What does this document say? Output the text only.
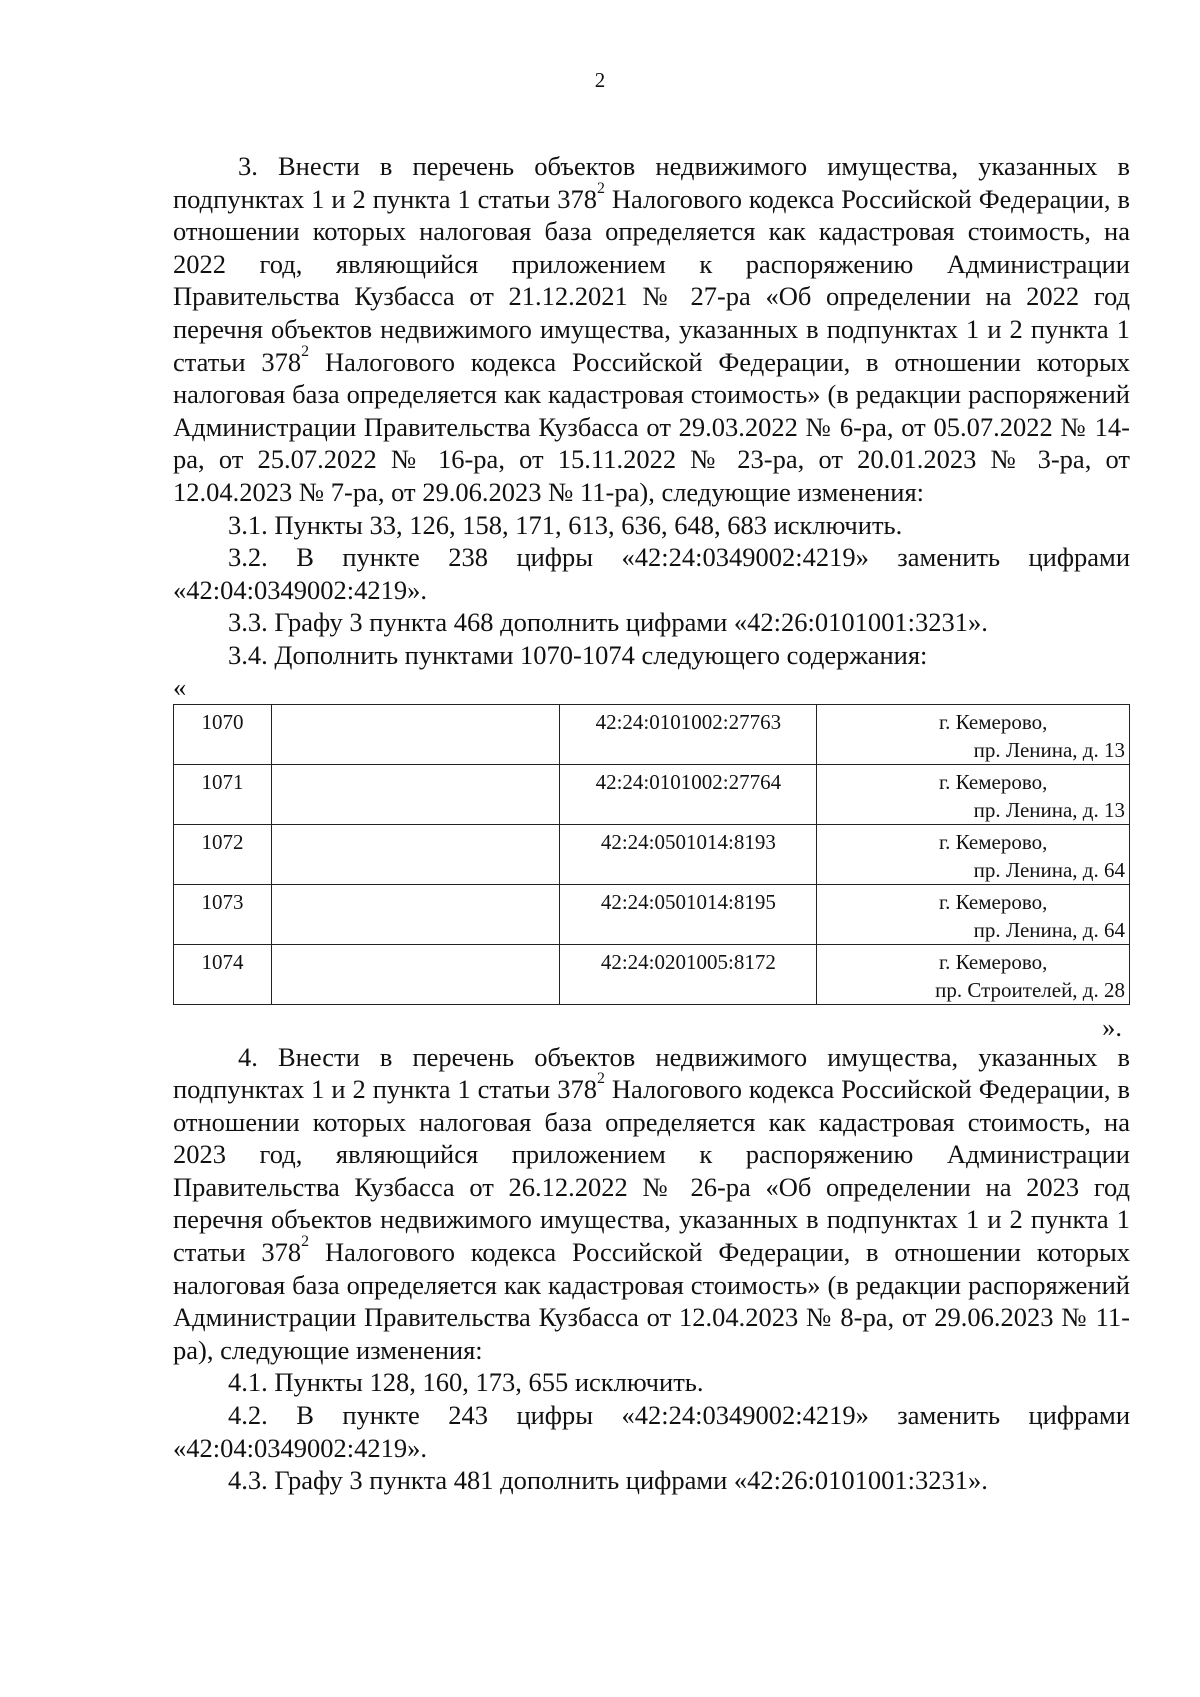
2

3. Внести в перечень объектов недвижимого имущества, указанных в подпунктах 1 и 2 пункта 1 статьи $378^2$ Налогового кодекса Российской Федерации, в отношении которых налоговая база определяется как кадастровая стоимость, на 2022 год, являющийся приложением к распоряжению Администрации Правительства Кузбасса от 21.12.2021 № 27-ра «Об определении на 2022 год перечня объектов недвижимого имущества, указанных в подпунктах 1 и 2 пункта 1 статьи $378^2$ Налогового кодекса Российской Федерации, в отношении которых налоговая база определяется как кадастровая стоимость» (в редакции распоряжений Администрации Правительства Кузбасса от 29.03.2022 № 6-ра, от 05.07.2022 № 14-ра, от 25.07.2022 № 16-ра, от 15.11.2022 № 23-ра, от 20.01.2023 № 3-ра, от 12.04.2023 № 7-ра, от 29.06.2023 № 11-ра), следующие изменения:

3.1. Пункты 33, 126, 158, 171, 613, 636, 648, 683 исключить.

3.2. В пункте 238 цифры «42:24:0349002:4219» заменить цифрами «42:04:0349002:4219».

3.3. Графу 3 пункта 468 дополнить цифрами «42:26:0101001:3231».

3.4. Дополнить пунктами 1070-1074 следующего содержания:

«

1070		42:24:0101002:27763	г. Кемерово,
пр. Ленина, д. 13

1071		42:24:0101002:27764	г. Кемерово,
пр. Ленина, д. 13

1072		42:24:0501014:8193	г. Кемерово,
пр. Ленина, д. 64

1073		42:24:0501014:8195	г. Кемерово,
пр. Ленина, д. 64

1074		42:24:0201005:8172	г. Кемерово,
пр. Строителей, д. 28

».

4. Внести в перечень объектов недвижимого имущества, указанных в подпунктах 1 и 2 пункта 1 статьи $378^2$ Налогового кодекса Российской Федерации, в отношении которых налоговая база определяется как кадастровая стоимость, на 2023 год, являющийся приложением к распоряжению Администрации Правительства Кузбасса от 26.12.2022 № 26-ра «Об определении на 2023 год перечня объектов недвижимого имущества, указанных в подпунктах 1 и 2 пункта 1 статьи $378^2$ Налогового кодекса Российской Федерации, в отношении которых налоговая база определяется как кадастровая стоимость» (в редакции распоряжений Администрации Правительства Кузбасса от 12.04.2023 № 8-ра, от 29.06.2023 № 11-ра), следующие изменения:

4.1. Пункты 128, 160, 173, 655 исключить.

4.2. В пункте 243 цифры «42:24:0349002:4219» заменить цифрами «42:04:0349002:4219».

4.3. Графу 3 пункта 481 дополнить цифрами «42:26:0101001:3231».
